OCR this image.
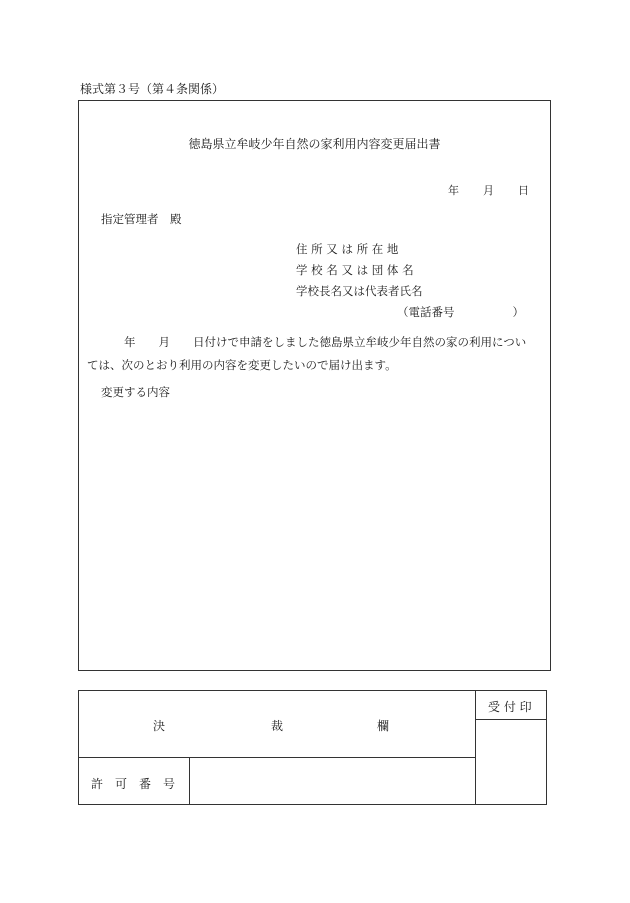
様式第３号（第４条関係）
徳島県立牟岐少年自然の家利用内容変更届出書
年 月 日
指定管理者　殿
住 所 又 は 所 在 地
学 校 名 又 は 団 体 名
学校長名又は代表者氏名
（電話番号	）
年　　月　　日付けで申請をしました徳島県立牟岐少年自然の家の利用につい
ては、次のとおり利用の内容を変更したいので届け出ます。
変更する内容
決	裁	欄
受 付 印
許　可　番　号
